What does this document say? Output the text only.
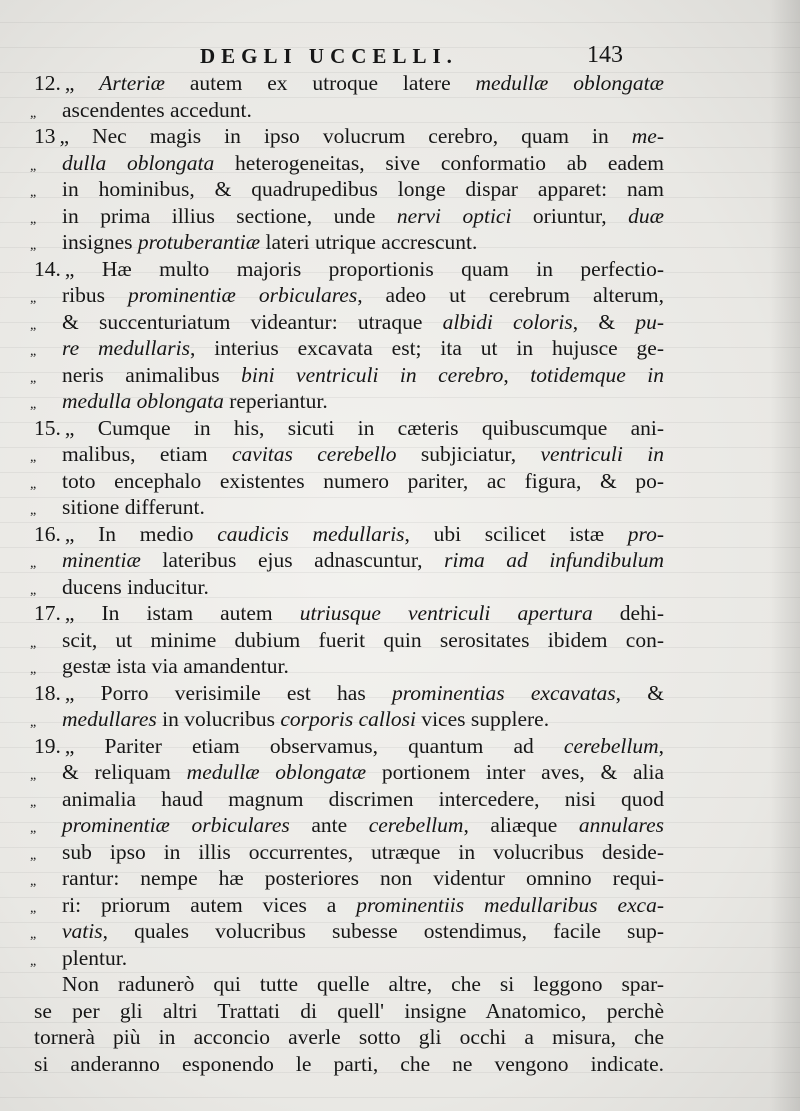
DEGLI UCCELLI.	143
12. „ Arteriæ autem ex utroque latere medullæ oblongatæ
„ ascendentes accedunt.
13 „ Nec magis in ipso volucrum cerebro, quam in me-
„ dulla oblongata heterogeneitas, sive conformatio ab eadem
„ in hominibus, & quadrupedibus longe dispar apparet: nam
„ in prima illius sectione, unde nervi optici oriuntur, duæ
„ insignes protuberantiæ lateri utrique accrescunt.
14. „ Hæ multo majoris proportionis quam in perfectio-
„ ribus prominentiæ orbiculares, adeo ut cerebrum alterum,
„ & succenturiatum videantur: utraque albidi coloris, & pu-
„ re medullaris, interius excavata est; ita ut in hujusce ge-
„ neris animalibus bini ventriculi in cerebro, totidemque in
„ medulla oblongata reperiantur.
15. „ Cumque in his, sicuti in cæteris quibuscumque ani-
„ malibus, etiam cavitas cerebello subjiciatur, ventriculi in
„ toto encephalo existentes numero pariter, ac figura, & po-
„ sitione differunt.
16. „ In medio caudicis medullaris, ubi scilicet istæ pro-
„ minentiæ lateribus ejus adnascuntur, rima ad infundibulum
„ ducens inducitur.
17. „ In istam autem utriusque ventriculi apertura dehi-
„ scit, ut minime dubium fuerit quin serositates ibidem con-
„ gestæ ista via amandentur.
18. „ Porro verisimile est has prominentias excavatas, &
„ medullares in volucribus corporis callosi vices supplere.
19. „ Pariter etiam observamus, quantum ad cerebellum,
„ & reliquam medullæ oblongatæ portionem inter aves, & alia
„ animalia haud magnum discrimen intercedere, nisi quod
„ prominentiæ orbiculares ante cerebellum, aliæque annulares
„ sub ipso in illis occurrentes, utræque in volucribus deside-
„ rantur: nempe hæ posteriores non videntur omnino requi-
„ ri: priorum autem vices a prominentiis medullaribus exca-
„ vatis, quales volucribus subesse ostendimus, facile sup-
„ plentur.
Non radunerò qui tutte quelle altre, che si leggono spar-
se per gli altri Trattati di quell' insigne Anatomico, perchè
tornerà più in acconcio averle sotto gli occhi a misura, che
si anderanno esponendo le parti, che ne vengono indicate.
